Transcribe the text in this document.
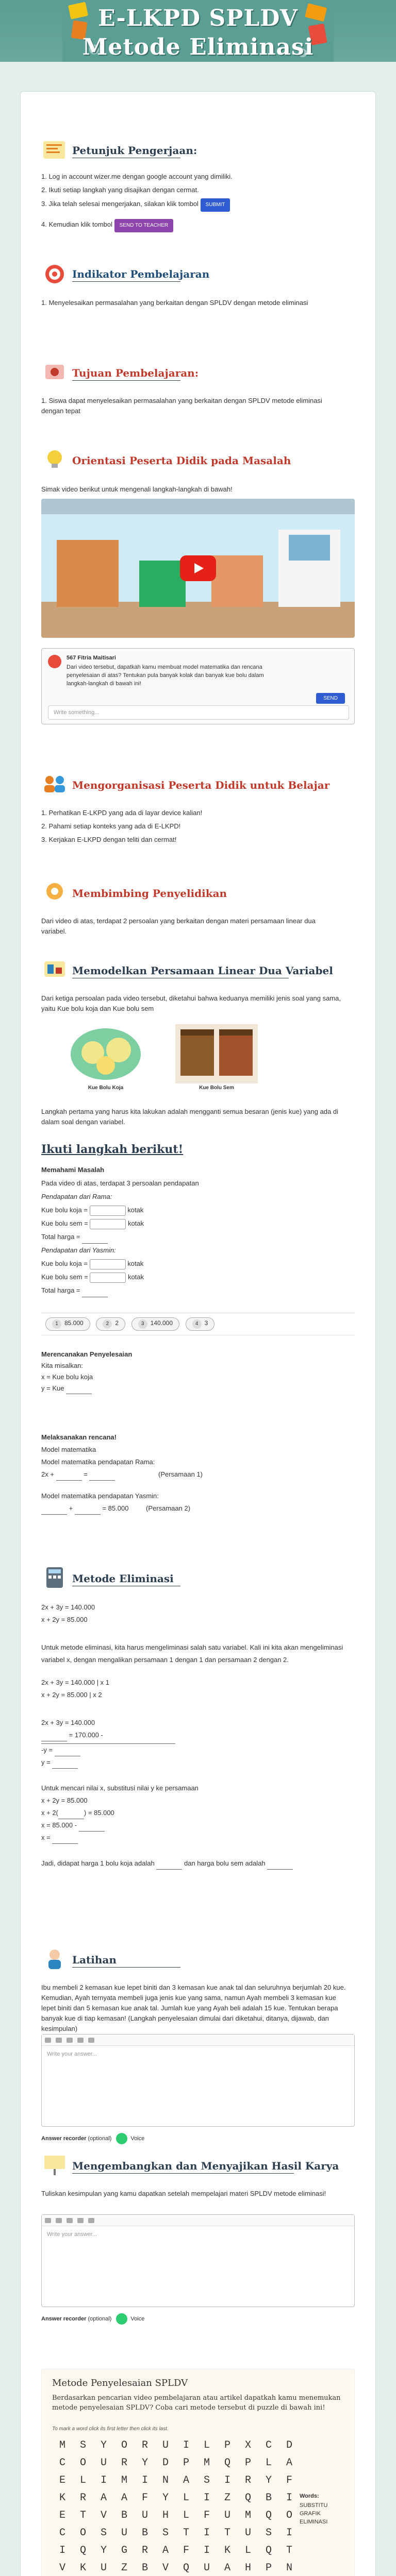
E-LKPD SPLDV
Metode Eliminasi
Petunjuk Pengerjaan:
1. Log in account wizer.me dengan google account yang dimiliki.
2. Ikuti setiap langkah yang disajikan dengan cermat.
3. Jika telah selesai mengerjakan, silakan klik tombol SUBMIT
4. Kemudian klik tombol SEND TO TEACHER
Indikator Pembelajaran
1. Menyelesaikan permasalahan yang berkaitan dengan SPLDV dengan metode eliminasi
Tujuan Pembelajaran:
1. Siswa dapat menyelesaikan permasalahan yang berkaitan dengan SPLDV metode eliminasi dengan tepat
Orientasi Peserta Didik pada Masalah
Simak video berikut untuk mengenali langkah-langkah di bawah!
567 Fitria Maitisari
Dari video tersebut, dapatkah kamu membuat model matematika dan rencana penyelesaian di atas? Tentukan pula banyak kolak dan banyak kue bolu dalam langkah-langkah di bawah ini!
SEND
Write something...
Mengorganisasi Peserta Didik untuk Belajar
1. Perhatikan E-LKPD yang ada di layar device kalian!
2. Pahami setiap konteks yang ada di E-LKPD!
3. Kerjakan E-LKPD dengan teliti dan cermat!
Membimbing Penyelidikan
Dari video di atas, terdapat 2 persoalan yang berkaitan dengan materi persamaan linear dua variabel.
Memodelkan Persamaan Linear Dua Variabel
Dari ketiga persoalan pada video tersebut, diketahui bahwa keduanya memiliki jenis soal yang sama, yaitu Kue bolu koja dan Kue bolu sem
Kue Bolu Koja	Kue Bolu Sem
Langkah pertama yang harus kita lakukan adalah mengganti semua besaran (jenis kue) yang ada di dalam soal dengan variabel.
Ikuti langkah berikut!
Memahami Masalah
Pada video di atas, terdapat 3 persoalan pendapatan
Pendapatan dari Rama:
Kue bolu koja =	kotak
Kue bolu sem =	kotak
Total harga =
Pendapatan dari Yasmin:
Kue bolu koja =	kotak
Kue bolu sem =	kotak
Total harga =
1 85.000	2 2	3 140.000	4 3
Merencanakan Penyelesaian
Kita misalkan:
x = Kue bolu koja
y = Kue
Melaksanakan rencana!
Model matematika
Model matematika pendapatan Rama:
2x +	=	(Persamaan 1)
Model matematika pendapatan Yasmin:
+	= 85.000	(Persamaan 2)
Metode Eliminasi
2x + 3y = 140.000
x + 2y = 85.000
Untuk metode eliminasi, kita harus mengeliminasi salah satu variabel. Kali ini kita akan mengeliminasi variabel x, dengan mengalikan persamaan 1 dengan 1 dan persamaan 2 dengan 2.
2x + 3y = 140.000 | x 1
x + 2y = 85.000 | x 2
2x + 3y = 140.000
= 170.000 -
-y =
y =
Untuk mencari nilai x, substitusi nilai y ke persamaan
x + 2y = 85.000
x + 2(	) = 85.000
x = 85.000 -
x =
Jadi, didapat harga 1 bolu koja adalah	dan harga bolu sem adalah
Latihan
Ibu membeli 2 kemasan kue lepet biniti dan 3 kemasan kue anak tal dan seluruhnya berjumlah 20 kue. Kemudian, Ayah ternyata membeli juga jenis kue yang sama, namun Ayah membeli 3 kemasan kue lepet biniti dan 5 kemasan kue anak tal. Jumlah kue yang Ayah beli adalah 15 kue. Tentukan berapa banyak kue di tiap kemasan! (Langkah penyelesaian dimulai dari diketahui, ditanya, dijawab, dan kesimpulan)
Write your answer...
Answer recorder (optional)	Voice
Mengembangkan dan Menyajikan Hasil Karya
Tuliskan kesimpulan yang kamu dapatkan setelah mempelajari materi SPLDV metode eliminasi!
Write your answer...
Answer recorder (optional)	Voice
Metode Penyelesaian SPLDV
Berdasarkan pencarian video pembelajaran atau artikel dapatkah kamu menemukan metode penyelesaian SPLDV? Coba cari metode tersebut di puzzle di bawah ini!
To mark a word click its first letter then click its last.
M	S	Y	O	R	U	I	L	P	X	C	D
C	O	U	R	Y	D	P	M	Q	P	L	A
E	L	I	M	I	N	A	S	I	R	Y	F
K	R	A	A	F	Y	L	I	Z	Q	B	I
E	T	V	B	U	H	L	F	U	M	Q	O
C	O	S	U	B	S	T	I	T	U	S	I
I	Q	Y	G	R	A	F	I	K	L	Q	T
V	K	U	Z	B	V	Q	U	A	H	P	N

Words:
SUBSTITU
GRAFIK
ELIMINASI
